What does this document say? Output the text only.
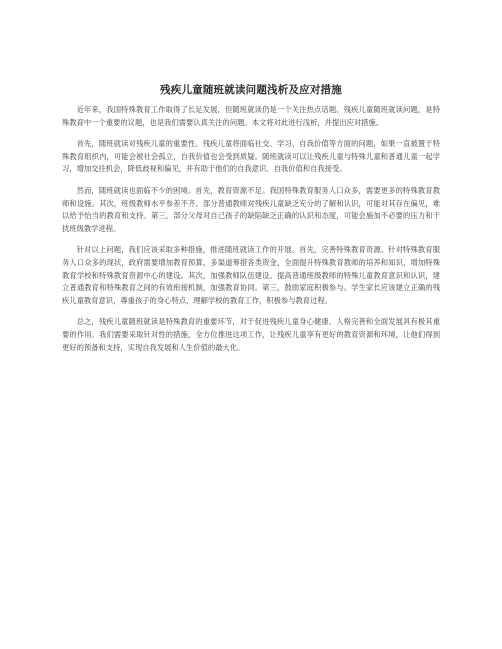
残疾儿童随班就读问题浅析及应对措施

近年来，我国特殊教育工作取得了长足发展，但随班就读仍是一个关注热点话题。残疾儿童随班就读问题，是特殊教育中一个重要的议题，也是我们需要认真关注的问题。本文将对此进行浅析，并提出应对措施。

首先，随班就读对残疾儿童的重要性。残疾儿童将面临社交、学习、自我价值等方面的问题，如果一直被置于特殊教育组织内，可能会被社会孤立，自我价值也会受到质疑。随班就读可以让残疾儿童与特殊儿童和普通儿童一起学习，增加交往机会，降低歧视和偏见，并有助于他们的自我意识、自我价值和自我接受。

然而，随班就读也面临不少的困境。首先，教育资源不足。我国特殊教育服务人口众多，需要更多的特殊教育教师和设施。其次，班级教师水平参差不齐。部分普通教师对残疾儿童缺乏充分的了解和认识，可能对其存在偏见，难以给予恰当的教育和支持。第三，部分父母对自己孩子的缺陷缺乏正确的认识和态度，可能会施加不必要的压力和干扰班级教学进程。

针对以上问题，我们应该采取多种措施，推进随班就读工作的开展。首先，完善特殊教育资源。针对特殊教育服务人口众多的现状，政府需要增加教育预算，多渠道筹措各类资金，全面提升特殊教育教师的培养和知识，增加特殊教育学校和特殊教育资源中心的建设。其次，加强教师队伍建设。提高普通班级教师的特殊儿童教育意识和认识，建立普通教育和特殊教育之间的有效衔接机制，加强教育协同。第三，鼓励家庭积极参与。学生家长应该建立正确的残疾儿童教育意识，尊重孩子的身心特点，理解学校的教育工作，积极参与教育过程。

总之，残疾儿童随班就读是特殊教育的重要环节，对于促进残疾儿童身心健康、人格完善和全面发展具有极其重要的作用。我们需要采取针对性的措施，全方位推进这项工作，让残疾儿童享有更好的教育资源和环境，让他们得到更好的预备和支持，实现自我发展和人生价值的最大化。
